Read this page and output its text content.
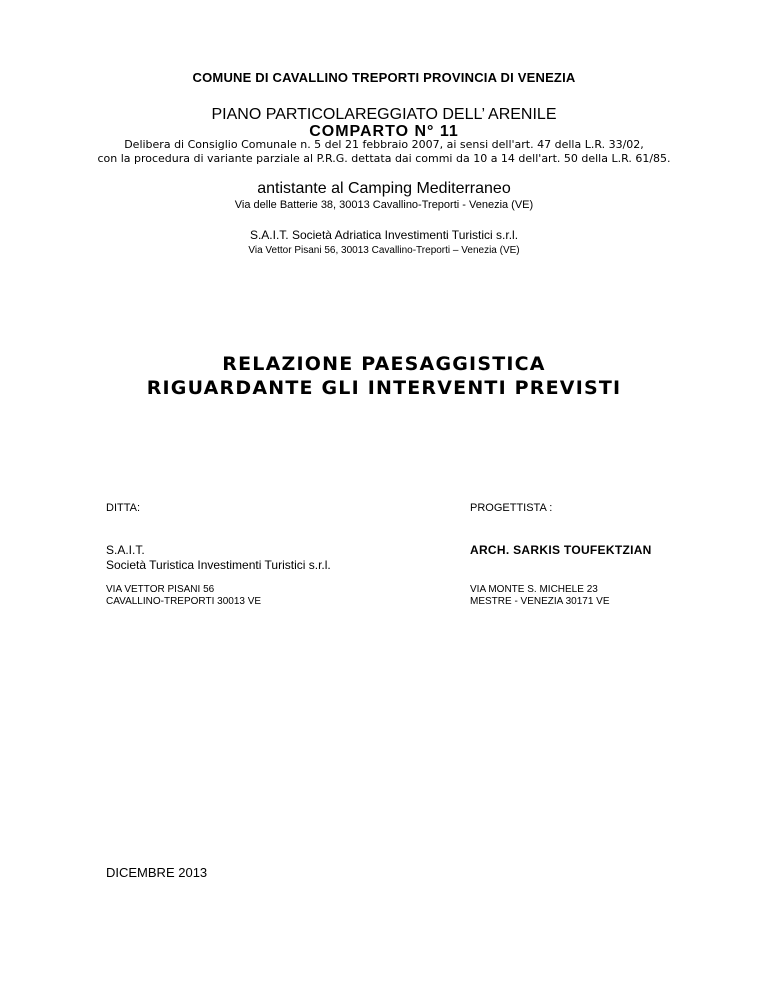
COMUNE DI CAVALLINO TREPORTI PROVINCIA DI VENEZIA
PIANO PARTICOLAREGGIATO DELL’ ARENILE
COMPARTO N° 11
Delibera di Consiglio Comunale n. 5 del 21 febbraio 2007, ai sensi dell'art. 47 della L.R. 33/02,
con la procedura di variante parziale al P.R.G. dettata dai commi da 10 a 14 dell'art. 50 della L.R. 61/85.
antistante al Camping Mediterraneo
Via delle Batterie 38, 30013 Cavallino-Treporti - Venezia (VE)
S.A.I.T. Società Adriatica Investimenti Turistici s.r.l.
Via Vettor Pisani 56, 30013 Cavallino-Treporti – Venezia (VE)
RELAZIONE PAESAGGISTICA
RIGUARDANTE GLI INTERVENTI PREVISTI
DITTA:
S.A.I.T.
Società Turistica Investimenti Turistici s.r.l.
VIA VETTOR PISANI 56
CAVALLINO-TREPORTI 30013 VE
PROGETTISTA :
ARCH. SARKIS TOUFEKTZIAN
VIA MONTE S. MICHELE 23
MESTRE - VENEZIA 30171 VE
DICEMBRE 2013
